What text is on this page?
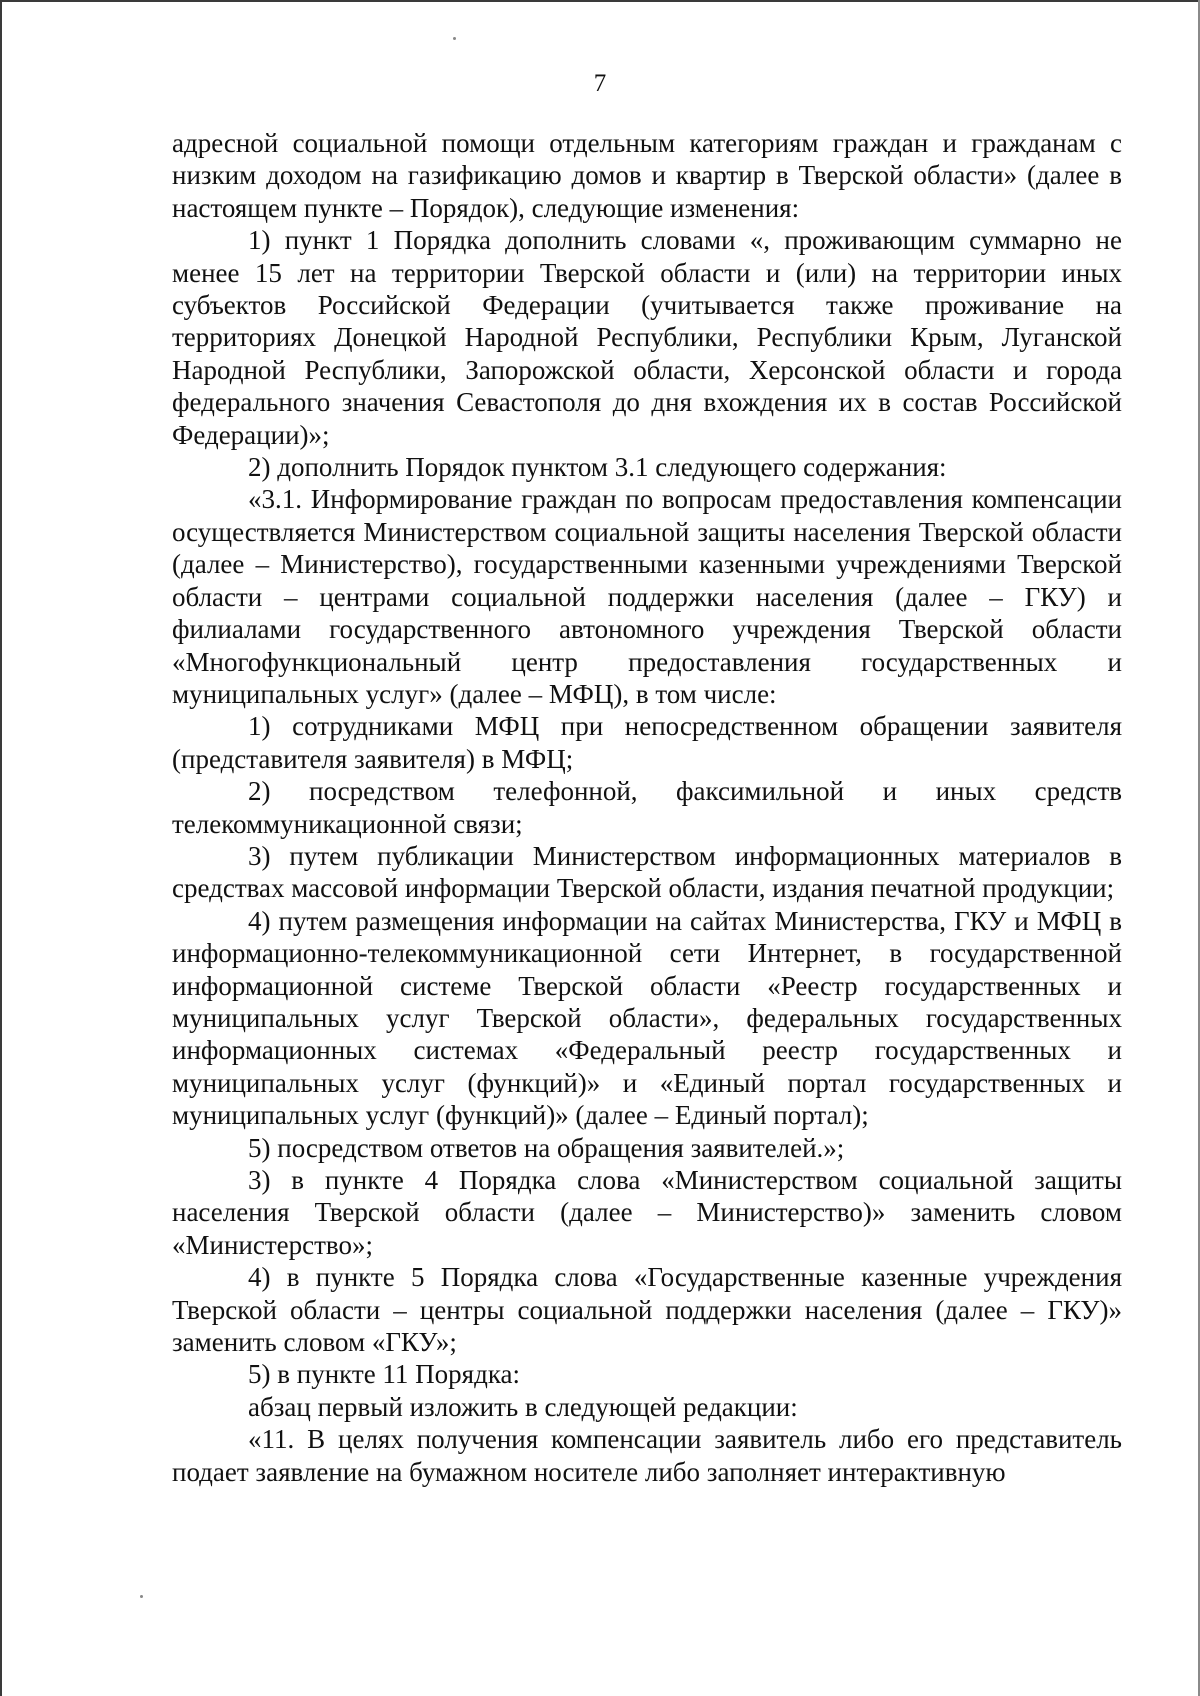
7

адресной социальной помощи отдельным категориям граждан и гражданам с низким доходом на газификацию домов и квартир в Тверской области» (далее в настоящем пункте – Порядок), следующие изменения:

1) пункт 1 Порядка дополнить словами «, проживающим суммарно не менее 15 лет на территории Тверской области и (или) на территории иных субъектов Российской Федерации (учитывается также проживание на территориях Донецкой Народной Республики, Республики Крым, Луганской Народной Республики, Запорожской области, Херсонской области и города федерального значения Севастополя до дня вхождения их в состав Российской Федерации)»;

2) дополнить Порядок пунктом 3.1 следующего содержания:

«3.1. Информирование граждан по вопросам предоставления компенсации осуществляется Министерством социальной защиты населения Тверской области (далее – Министерство), государственными казенными учреждениями Тверской области – центрами социальной поддержки населения (далее – ГКУ) и филиалами государственного автономного учреждения Тверской области «Многофункциональный центр предоставления государственных и муниципальных услуг» (далее – МФЦ), в том числе:

1) сотрудниками МФЦ при непосредственном обращении заявителя (представителя заявителя) в МФЦ;

2) посредством телефонной, факсимильной и иных средств телекоммуникационной связи;

3) путем публикации Министерством информационных материалов в средствах массовой информации Тверской области, издания печатной продукции;

4) путем размещения информации на сайтах Министерства, ГКУ и МФЦ в информационно-телекоммуникационной сети Интернет, в государственной информационной системе Тверской области «Реестр государственных и муниципальных услуг Тверской области», федеральных государственных информационных системах «Федеральный реестр государственных и муниципальных услуг (функций)» и «Единый портал государственных и муниципальных услуг (функций)» (далее – Единый портал);

5) посредством ответов на обращения заявителей.»;

3) в пункте 4 Порядка слова «Министерством социальной защиты населения Тверской области (далее – Министерство)» заменить словом «Министерство»;

4) в пункте 5 Порядка слова «Государственные казенные учреждения Тверской области – центры социальной поддержки населения (далее – ГКУ)» заменить словом «ГКУ»;

5) в пункте 11 Порядка:

абзац первый изложить в следующей редакции:

«11. В целях получения компенсации заявитель либо его представитель подает заявление на бумажном носителе либо заполняет интерактивную
